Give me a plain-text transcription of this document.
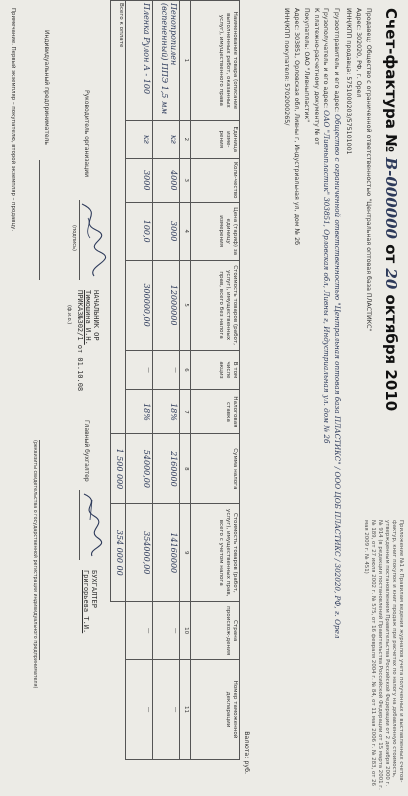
Приложение №1 к Правилам ведения журналов учета полученных и выставленных счетов-фактур, книг покупок и книг продаж при расчетах по налогу на добавленную стоимость, утвержденным постановлением Правительства Российской Федерации от 2 декабря 2000 г. № 914 (в редакции постановлений Правительства Российской Федерации от 15 марта 2001 г. № 189, от 27 июля 2002 г. № 575, от 16 февраля 2004 г. № 84, от 11 мая 2006 г. № 283, от 26 мая 2009 г. № 451)
Счет-фактура № В-000000 от 20 октября 2010
Продавец: Общество с ограниченной ответственностью "Центральная оптовая база ПЛАСТИКС"
Адрес: 302020, РФ, г. Орел
ИНН/КПП продавца: 5751000203/575101001
Грузоотправитель и его адрес: Общество с ограниченной ответственностью "Центральная оптовая база ПЛАСТИКС" / ООО ЦОБ ПЛАСТИКС / 302020, РФ, г. Орел
Грузополучатель и его адрес: ОАО "Ливныпластик" 303851, Орловская обл, Ливны г, Индустриальная ул. дом № 2б
К платежно-расчетному документу № от
Покупатель: ОАО "Ливныпластик"
Адрес: 303851, Орловская обл, Ливны г, Индустриальная ул, дом № 2б
ИНН/КПП покупателя: 5702000265/
Валюта: руб.
Наименование товара (описание выполненных работ, оказанных услуг), имущественного права	Единица изме-рения	Коли-чество	Цена (тариф) за единицу измерения	Стоимость товаров (работ, услуг), имущественных прав, всего без налога	В том числе акциз	Налоговая ставка	Сумма налога	Стоимость товаров (работ, услуг), имущественных прав, всего с учетом налога	Страна происхож-дения	Номер таможенной декларации
1	2	3	4	5	6	7	8	9	10	11
Пенопропилен (вспененный) ППЭ 1,5 мм	кг	4000	3000	12000000	—	18%	2160000	14160000	—	—
Пленка Рулон А - 100	кг	3000	100,0	300000,00	—	18%	54000,00	354000,00	—	—
Всего к оплате							1 500 000	354 000 00		
Руководитель организации
(подпись)
НАЧАЛЬНИК ОР
Тимошина И.Н.
ПРИКАЗ№302/1 от 01.10.08
(ф.и.о.)
Главный бухгалтер
БУХГАЛТЕР
Григорьева Т.И.
Индивидуальный предприниматель
(реквизиты свидетельства о государственной регистрации индивидуального предпринимателя)
Примечание. Первый экземпляр – покупателю, второй экземпляр – продавцу.
